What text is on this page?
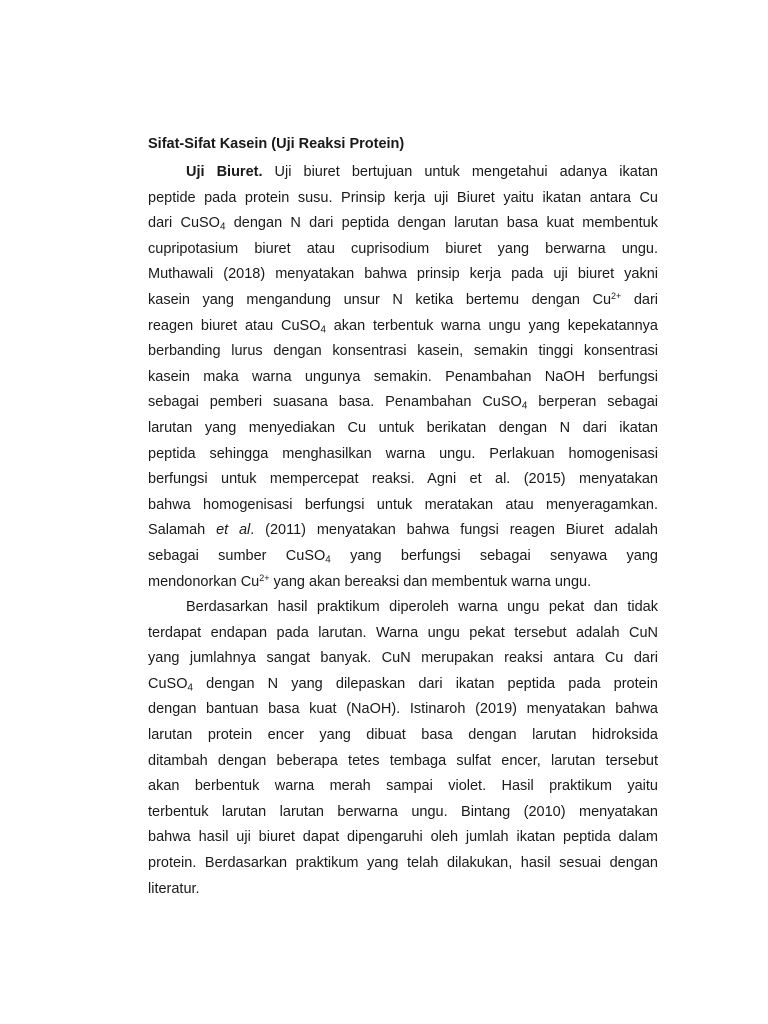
Sifat-Sifat Kasein (Uji Reaksi Protein)

Uji Biuret. Uji biuret bertujuan untuk mengetahui adanya ikatan
peptide pada protein susu. Prinsip kerja uji Biuret yaitu ikatan antara Cu
dari CuSO$_4$ dengan N dari peptida dengan larutan basa kuat membentuk
cupripotasium biuret atau cuprisodium biuret yang berwarna ungu.
Muthawali (2018) menyatakan bahwa prinsip kerja pada uji biuret yakni
kasein yang mengandung unsur N ketika bertemu dengan $Cu^{2+}$ dari
reagen biuret atau CuSO$_4$ akan terbentuk warna ungu yang kepekatannya
berbanding lurus dengan konsentrasi kasein, semakin tinggi konsentrasi
kasein maka warna ungunya semakin. Penambahan NaOH berfungsi
sebagai pemberi suasana basa. Penambahan CuSO$_4$ berperan sebagai
larutan yang menyediakan Cu untuk berikatan dengan N dari ikatan
peptida sehingga menghasilkan warna ungu. Perlakuan homogenisasi
berfungsi untuk mempercepat reaksi. Agni et al. (2015) menyatakan
bahwa homogenisasi berfungsi untuk meratakan atau menyeragamkan.
Salamah et al. (2011) menyatakan bahwa fungsi reagen Biuret adalah
sebagai sumber CuSO$_4$ yang berfungsi sebagai senyawa yang
mendonorkan $Cu^{2+}$ yang akan bereaksi dan membentuk warna ungu.
Berdasarkan hasil praktikum diperoleh warna ungu pekat dan tidak
terdapat endapan pada larutan. Warna ungu pekat tersebut adalah CuN
yang jumlahnya sangat banyak. CuN merupakan reaksi antara Cu dari
CuSO$_4$ dengan N yang dilepaskan dari ikatan peptida pada protein
dengan bantuan basa kuat (NaOH). Istinaroh (2019) menyatakan bahwa
larutan protein encer yang dibuat basa dengan larutan hidroksida
ditambah dengan beberapa tetes tembaga sulfat encer, larutan tersebut
akan berbentuk warna merah sampai violet. Hasil praktikum yaitu
terbentuk larutan larutan berwarna ungu. Bintang (2010) menyatakan
bahwa hasil uji biuret dapat dipengaruhi oleh jumlah ikatan peptida dalam
protein. Berdasarkan praktikum yang telah dilakukan, hasil sesuai dengan
literatur.
